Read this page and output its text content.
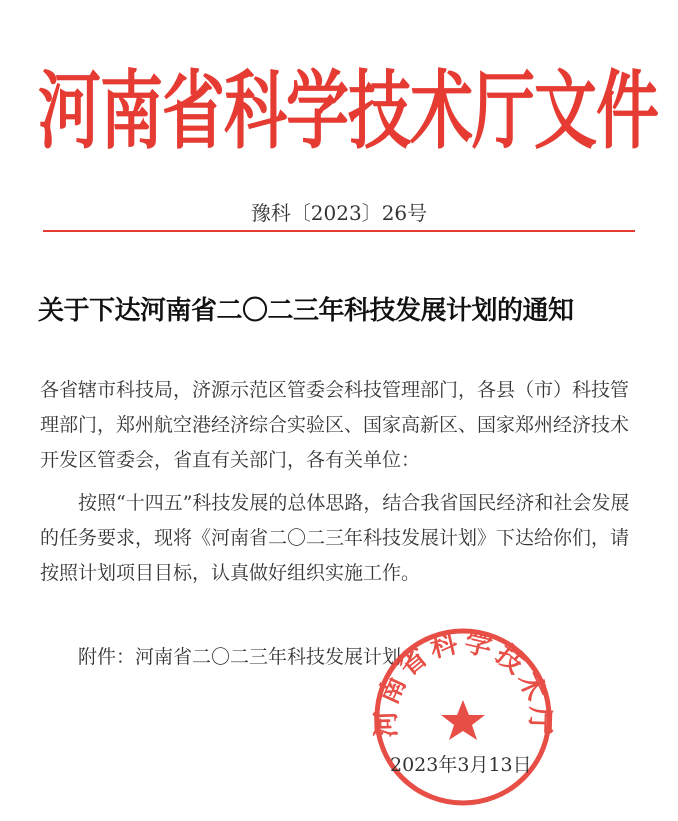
河南省科学技术厅文件
豫科〔2023〕26号
关于下达河南省二〇二三年科技发展计划的通知
各省辖市科技局，济源示范区管委会科技管理部门，各县（市）科技管理部门，郑州航空港经济综合实验区、国家高新区、国家郑州经济技术开发区管委会，省直有关部门，各有关单位：
按照“十四五”科技发展的总体思路，结合我省国民经济和社会发展的任务要求，现将《河南省二〇二三年科技发展计划》下达给你们，请按照计划项目目标，认真做好组织实施工作。
附件：河南省二〇二三年科技发展计划
河南省科学技术厅
2023年3月13日
